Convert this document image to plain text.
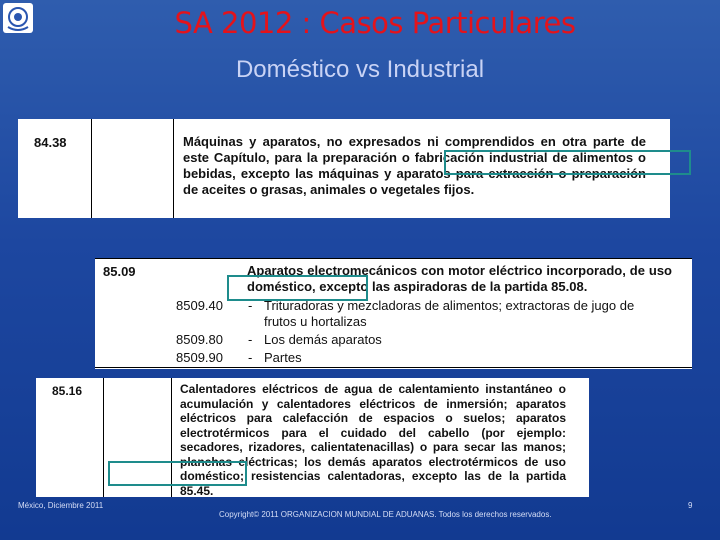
SA 2012 : Casos Particulares
Doméstico vs Industrial
84.38	Máquinas y aparatos, no expresados ni comprendidos en otra parte de este Capítulo, para la preparación o fabricación industrial de alimentos o bebidas, excepto las máquinas y aparatos para extracción o preparación de aceites o grasas, animales o vegetales fijos.
85.09	Aparatos electromecánicos con motor eléctrico incorporado, de uso doméstico, excepto las aspiradoras de la partida 85.08.
8509.40 - Trituradoras y mezcladoras de alimentos; extractoras de jugo de
frutos u hortalizas
8509.80 - Los demás aparatos
8509.90 - Partes
85.16	Calentadores eléctricos de agua de calentamiento instantáneo o acumulación y calentadores eléctricos de inmersión; aparatos eléctricos para calefacción de espacios o suelos; aparatos electrotérmicos para el cuidado del cabello (por ejemplo: secadores, rizadores, calientatenacillas) o para secar las manos; planchas eléctricas; los demás aparatos electrotérmicos de uso doméstico; resistencias calentadoras, excepto las de la partida 85.45.
México, Diciembre 2011
Copyright© 2011 ORGANIZACION MUNDIAL DE ADUANAS. Todos los derechos reservados.
9
